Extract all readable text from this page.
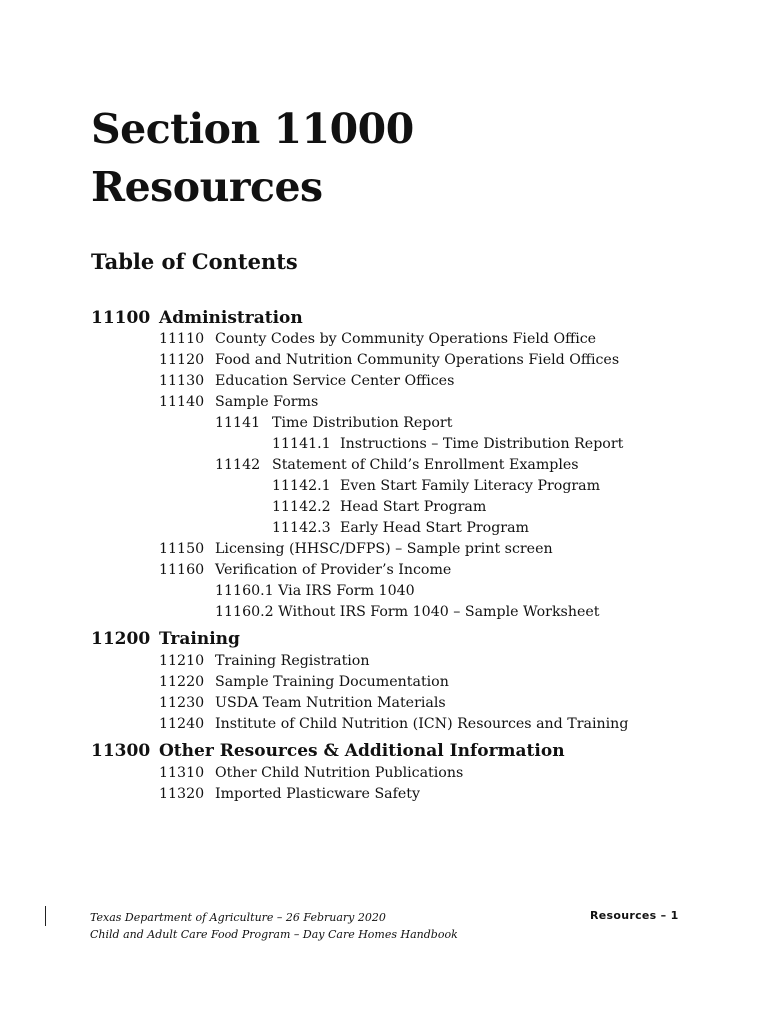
Section 11000
Resources
Table of Contents
11100 Administration
11110 County Codes by Community Operations Field Office
11120 Food and Nutrition Community Operations Field Offices
11130 Education Service Center Offices
11140 Sample Forms
11141 Time Distribution Report
11141.1 Instructions – Time Distribution Report
11142 Statement of Child’s Enrollment Examples
11142.1 Even Start Family Literacy Program
11142.2 Head Start Program
11142.3 Early Head Start Program
11150 Licensing (HHSC/DFPS) – Sample print screen
11160 Verification of Provider’s Income
11160.1 Via IRS Form 1040
11160.2 Without IRS Form 1040 – Sample Worksheet
11200 Training
11210 Training Registration
11220 Sample Training Documentation
11230 USDA Team Nutrition Materials
11240 Institute of Child Nutrition (ICN) Resources and Training
11300 Other Resources & Additional Information
11310 Other Child Nutrition Publications
11320 Imported Plasticware Safety
Texas Department of Agriculture – 26 February 2020
Child and Adult Care Food Program – Day Care Homes Handbook
Resources – 1
